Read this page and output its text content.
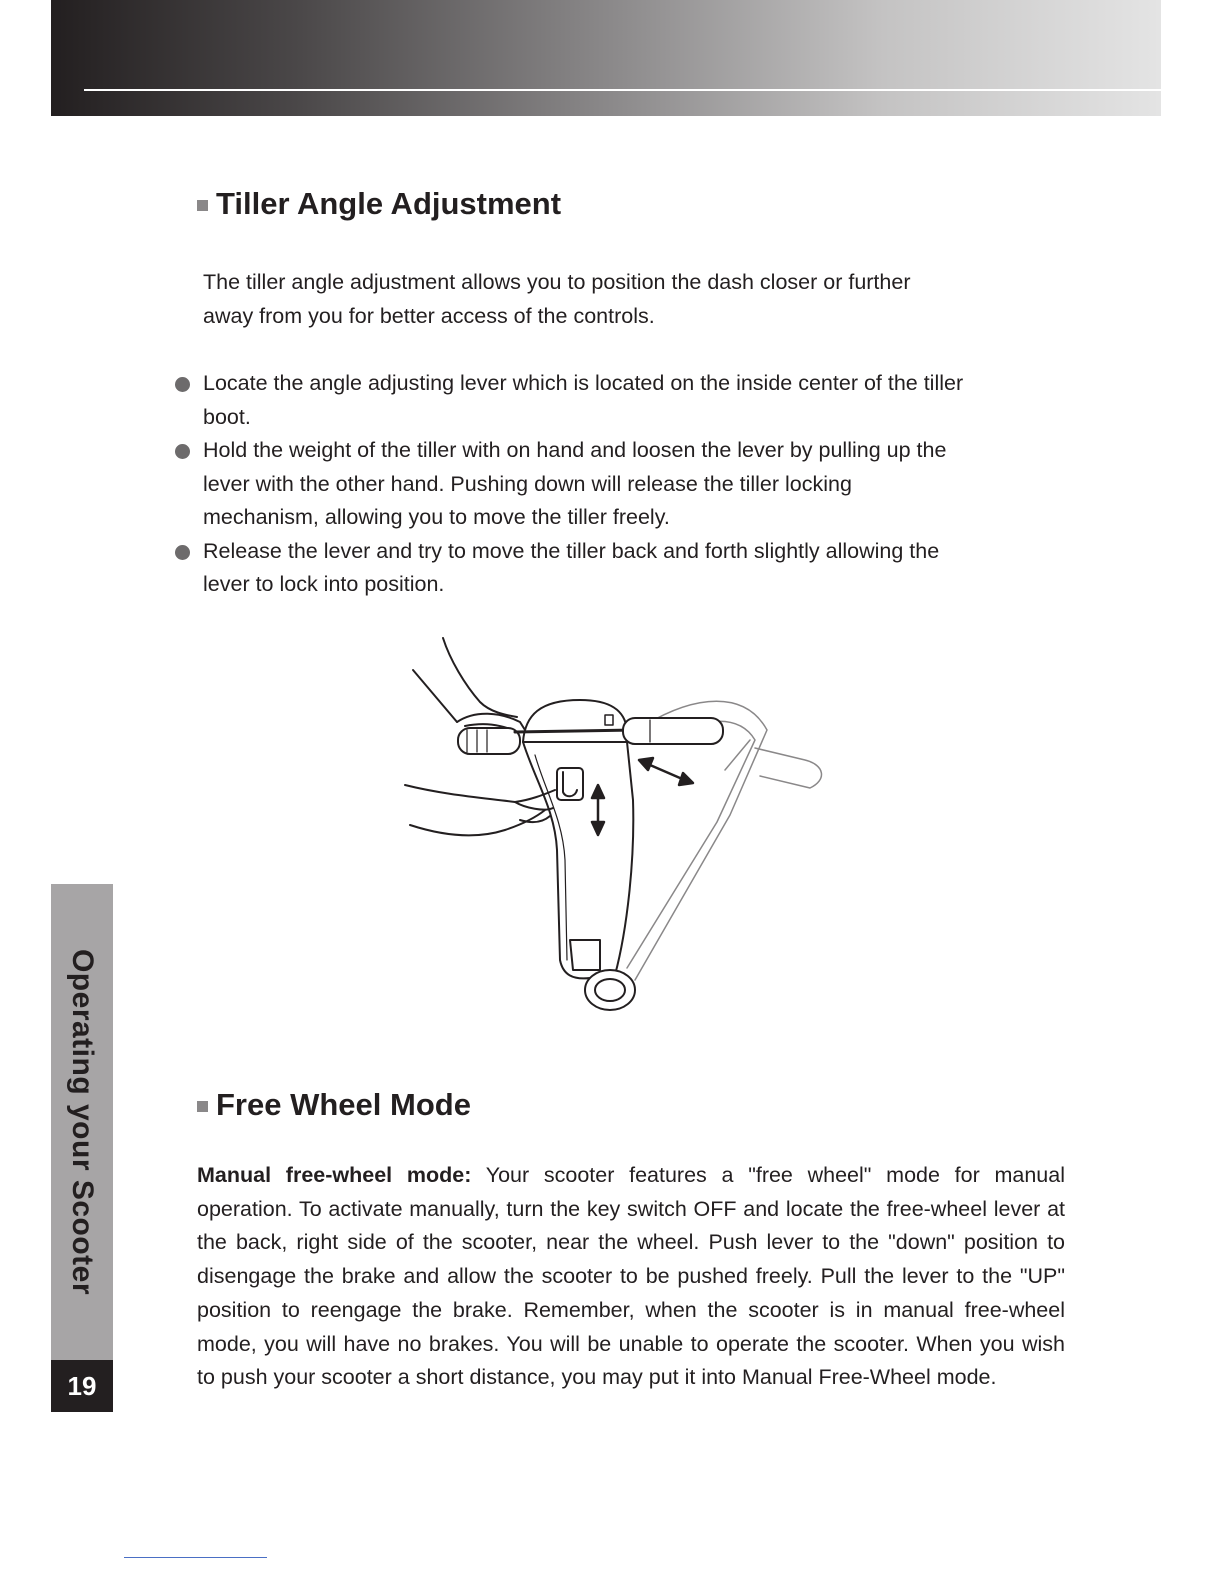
Operating your Scooter
19
Tiller Angle Adjustment

The tiller angle adjustment allows you to position the dash closer or further away from you for better access of the controls.

Locate the angle adjusting lever which is located on the inside center of the tiller boot.
Hold the weight of the tiller with on hand and loosen the lever by pulling up the lever with the other hand. Pushing down will release the tiller locking mechanism, allowing you to move the tiller freely.
Release the lever and try to move the tiller back and forth slightly allowing the lever to lock into position.
Free Wheel Mode

Manual free-wheel mode: Your scooter features a "free wheel" mode for manual operation. To activate manually, turn the key switch OFF and locate the free-wheel lever at the back, right side of the scooter, near the wheel. Push lever to the "down" position to disengage the brake and allow the scooter to be pushed freely. Pull the lever to the "UP" position to reengage the brake. Remember, when the scooter is in manual free-wheel mode, you will have no brakes. You will be unable to operate the scooter. When you wish to push your scooter a short distance, you may put it into Manual Free-Wheel mode.
